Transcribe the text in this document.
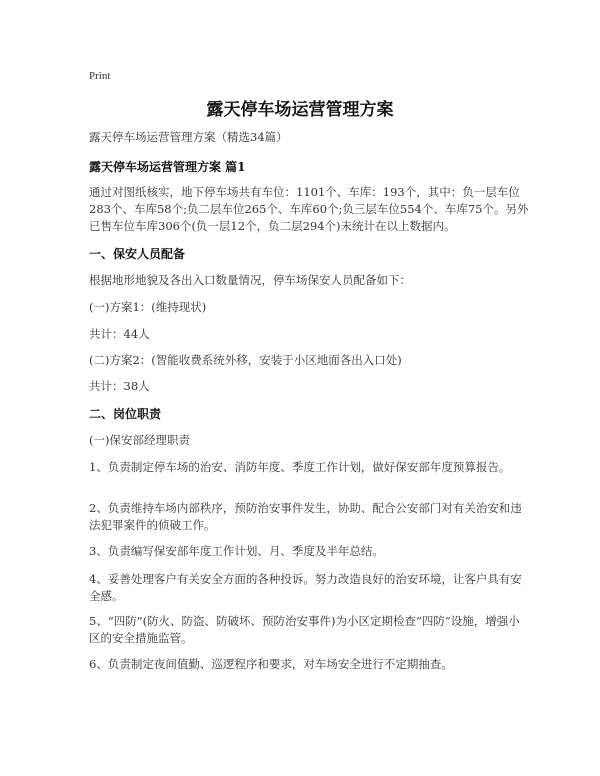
Print
露天停车场运营管理方案
露天停车场运营管理方案（精选34篇）
露天停车场运营管理方案 篇1
通过对图纸核实，地下停车场共有车位：1101个、车库：193个，其中：负一层车位283个、车库58个;负二层车位265个、车库60个;负三层车位554个、车库75个。另外已售车位车库306个(负一层12个，负二层294个)未统计在以上数据内。
一、保安人员配备
根据地形地貌及各出入口数量情况，停车场保安人员配备如下：
(一)方案1：(维持现状)
共计：44人
(二)方案2：(智能收费系统外移，安装于小区地面各出入口处)
共计：38人
二、岗位职责
(一)保安部经理职责
1、负责制定停车场的治安、消防年度、季度工作计划，做好保安部年度预算报告。
2、负责维持车场内部秩序，预防治安事件发生，协助、配合公安部门对有关治安和违法犯罪案件的侦破工作。
3、负责编写保安部年度工作计划、月、季度及半年总结。
4、妥善处理客户有关安全方面的各种投诉。努力改造良好的治安环境，让客户具有安全感。
5、“四防”(防火、防盗、防破坏、预防治安事件)为小区定期检查“四防”设施，增强小区的安全措施监管。
6、负责制定夜间值勤、巡逻程序和要求，对车场安全进行不定期抽查。
